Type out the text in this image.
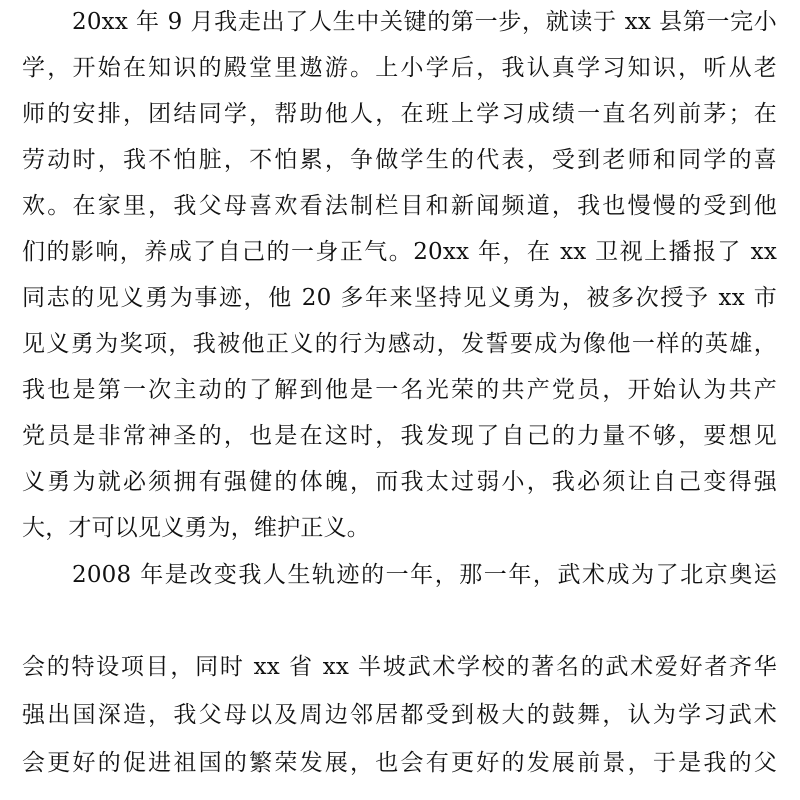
20xx 年 9 月我走出了人生中关键的第一步，就读于 xx 县第一完小
学，开始在知识的殿堂里遨游。上小学后，我认真学习知识，听从老
师的安排，团结同学，帮助他人，在班上学习成绩一直名列前茅；在
劳动时，我不怕脏，不怕累，争做学生的代表，受到老师和同学的喜
欢。在家里，我父母喜欢看法制栏目和新闻频道，我也慢慢的受到他
们的影响，养成了自己的一身正气。20xx 年，在 xx 卫视上播报了 xx
同志的见义勇为事迹，他 20 多年来坚持见义勇为，被多次授予 xx 市
见义勇为奖项，我被他正义的行为感动，发誓要成为像他一样的英雄，
我也是第一次主动的了解到他是一名光荣的共产党员，开始认为共产
党员是非常神圣的，也是在这时，我发现了自己的力量不够，要想见
义勇为就必须拥有强健的体魄，而我太过弱小，我必须让自己变得强
大，才可以见义勇为，维护正义。
2008 年是改变我人生轨迹的一年，那一年，武术成为了北京奥运
会的特设项目，同时 xx 省 xx 半坡武术学校的著名的武术爱好者齐华
强出国深造，我父母以及周边邻居都受到极大的鼓舞，认为学习武术
会更好的促进祖国的繁荣发展，也会有更好的发展前景，于是我的父
